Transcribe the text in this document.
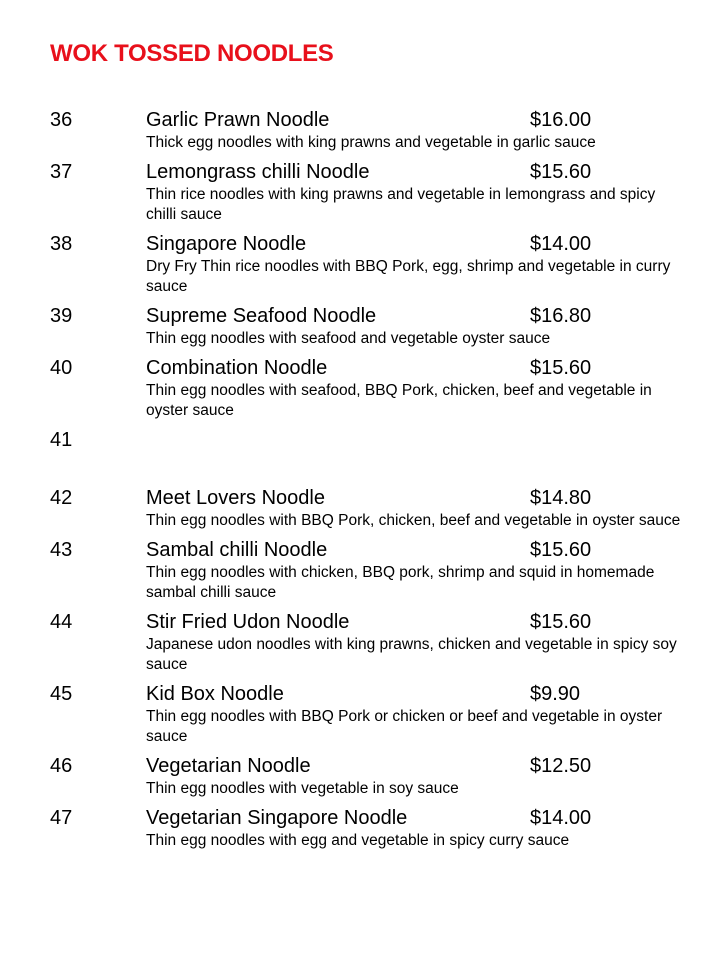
WOK TOSSED NOODLES
36	Garlic Prawn Noodle	$16.00
Thick egg noodles with king prawns and vegetable in garlic sauce
37	Lemongrass chilli Noodle	$15.60
Thin rice noodles with king prawns and vegetable in lemongrass and spicy chilli sauce
38	Singapore Noodle	$14.00
Dry Fry Thin rice noodles with BBQ Pork, egg, shrimp and vegetable in curry sauce
39	Supreme Seafood Noodle	$16.80
Thin egg noodles with seafood and vegetable oyster sauce
40	Combination Noodle	$15.60
Thin egg noodles with seafood, BBQ Pork, chicken, beef and vegetable in oyster sauce
41
42	Meet Lovers Noodle	$14.80
Thin egg noodles with BBQ Pork, chicken, beef and vegetable in oyster sauce
43	Sambal chilli Noodle	$15.60
Thin egg noodles with chicken, BBQ pork, shrimp and squid in homemade sambal chilli sauce
44	Stir Fried Udon Noodle	$15.60
Japanese udon noodles with king prawns, chicken and vegetable in spicy soy sauce
45	Kid Box Noodle	$9.90
Thin egg noodles with BBQ Pork or chicken or beef and vegetable in oyster sauce
46	Vegetarian Noodle	$12.50
Thin egg noodles with vegetable in soy sauce
47	Vegetarian Singapore Noodle	$14.00
Thin egg noodles with egg and vegetable in spicy curry sauce
